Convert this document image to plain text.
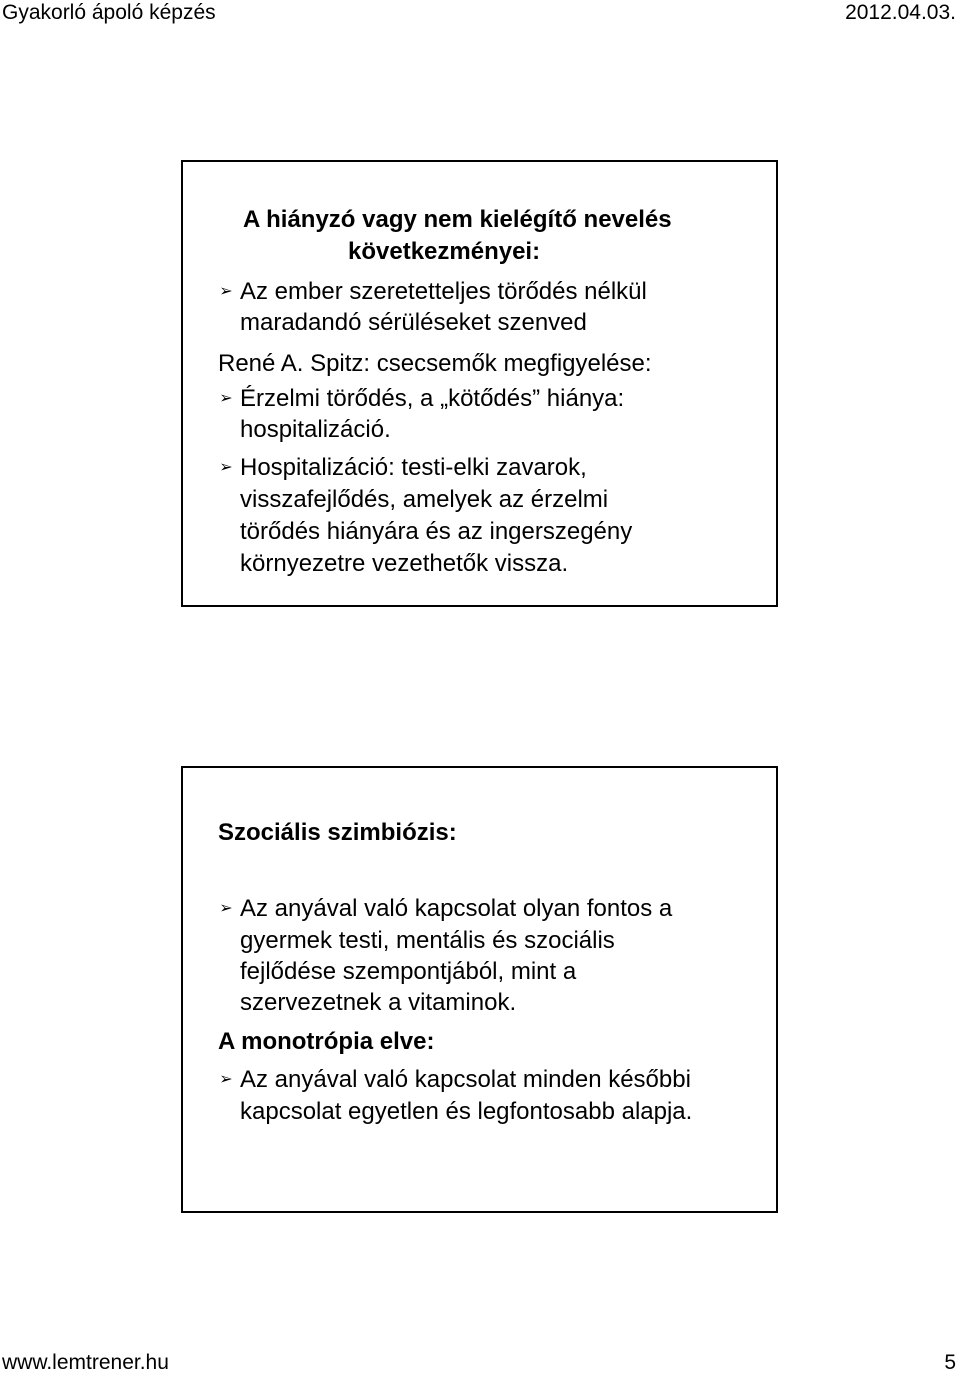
Gyakorló ápoló képzés	2012.04.03.
A hiányzó vagy nem kielégítő nevelés
következményei:
➢ Az ember szeretetteljes törődés nélkül
maradandó sérüléseket szenved
René A. Spitz: csecsemők megfigyelése:
➢ Érzelmi törődés, a „kötődés” hiánya:
hospitalizáció.
➢ Hospitalizáció: testi-elki zavarok,
visszafejlődés, amelyek az érzelmi
törődés hiányára és az ingerszegény
környezetre vezethetők vissza.
Szociális szimbiózis:
➢ Az anyával való kapcsolat olyan fontos a
gyermek testi, mentális és szociális
fejlődése szempontjából, mint a
szervezetnek a vitaminok.
A monotrópia elve:
➢ Az anyával való kapcsolat minden későbbi
kapcsolat egyetlen és legfontosabb alapja.
www.lemtrener.hu	5
